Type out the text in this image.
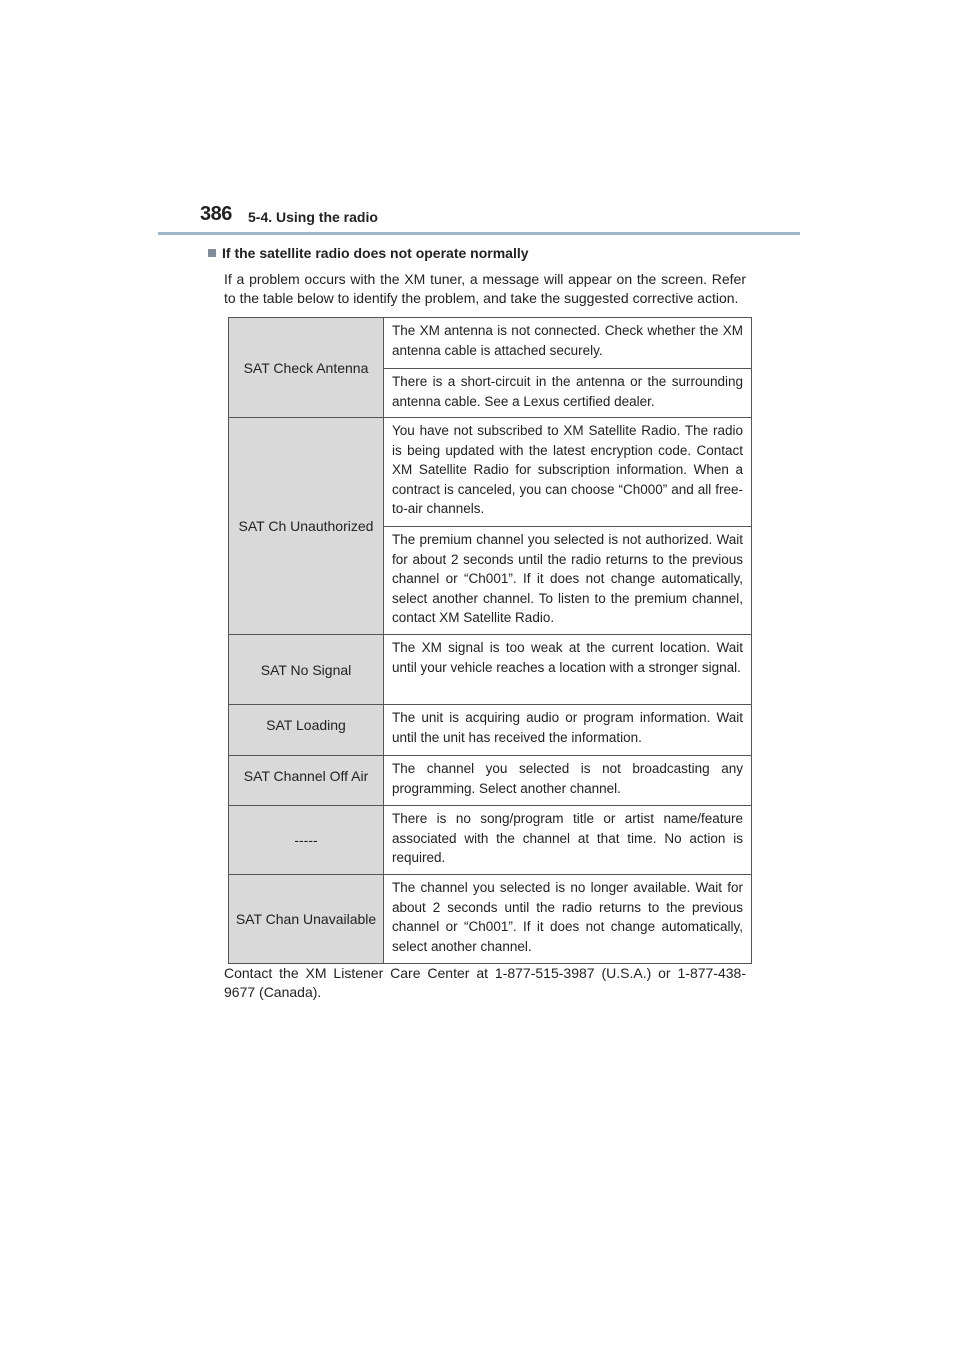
386 5-4. Using the radio
If the satellite radio does not operate normally
If a problem occurs with the XM tuner, a message will appear on the screen. Refer to the table below to identify the problem, and take the suggested corrective action.
SAT Check Antenna
The XM antenna is not connected. Check whether the XM antenna cable is attached securely.
There is a short-circuit in the antenna or the surrounding antenna cable. See a Lexus certified dealer.
SAT Ch Unauthorized
You have not subscribed to XM Satellite Radio. The radio is being updated with the latest encryption code. Contact XM Satellite Radio for subscription information. When a contract is canceled, you can choose “Ch000” and all free-to-air channels.
The premium channel you selected is not authorized. Wait for about 2 seconds until the radio returns to the previous channel or “Ch001”. If it does not change automatically, select another channel. To listen to the premium channel, contact XM Satellite Radio.
SAT No Signal
The XM signal is too weak at the current location. Wait until your vehicle reaches a location with a stronger signal.
SAT Loading	The unit is acquiring audio or program information. Wait until the unit has received the information.
SAT Channel Off Air	The channel you selected is not broadcasting any programming. Select another channel.
-----
There is no song/program title or artist name/feature associated with the channel at that time. No action is required.
SAT Chan Unavailable
The channel you selected is no longer available. Wait for about 2 seconds until the radio returns to the previous channel or “Ch001”. If it does not change automatically, select another channel.
Contact the XM Listener Care Center at 1-877-515-3987 (U.S.A.) or 1-877-438-9677 (Canada).
